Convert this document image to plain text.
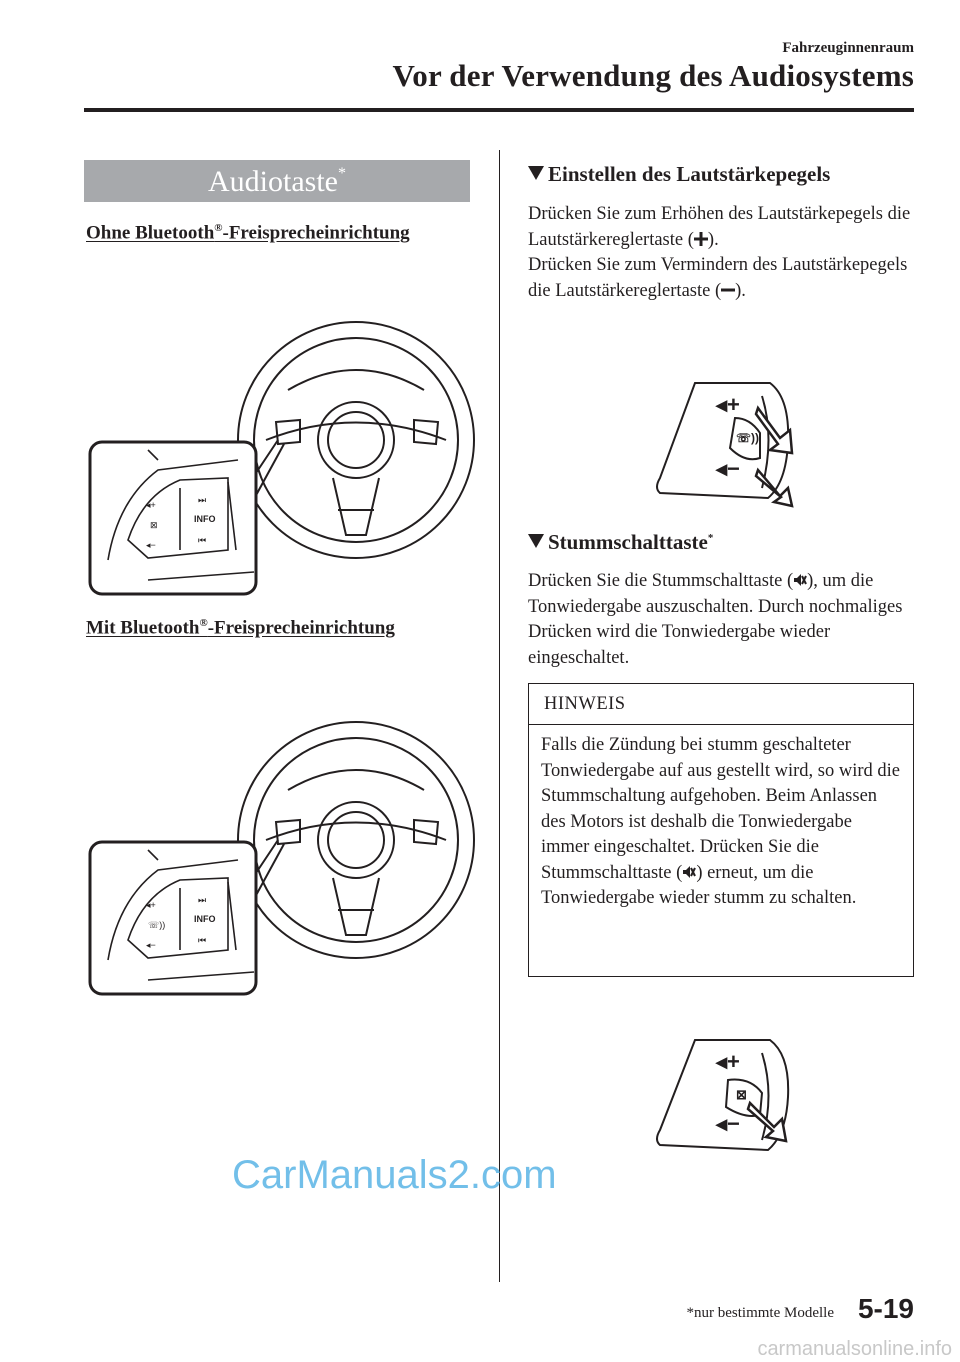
Fahrzeuginnenraum
Vor der Verwendung des Audiosystems
Audiotaste*
Ohne Bluetooth®-Freisprecheinrichtung
◂+
⊠
◂−
⏭
INFO
⏮
Mit Bluetooth®-Freisprecheinrichtung
◂+
☏))
◂−
⏭
INFO
⏮
Einstellen des Lautstärkepegels

Drücken Sie zum Erhöhen des Lautstärkepegels die Lautstärkereglertaste ( ).

Drücken Sie zum Vermindern des Lautstärkepegels die Lautstärkereglertaste ( ).

◂+
◂−
☏))
Stummschalttaste*

Drücken Sie die Stummschalttaste ( ), um die Tonwiedergabe auszuschalten. Durch nochmaliges Drücken wird die Tonwiedergabe wieder eingeschaltet.

HINWEIS
Falls die Zündung bei stumm geschalteter Tonwiedergabe auf aus gestellt wird, so wird die Stummschaltung aufgehoben. Beim Anlassen des Motors ist deshalb die Tonwiedergabe immer eingeschaltet. Drücken Sie die Stummschalttaste ( ) erneut, um die Tonwiedergabe wieder stumm zu schalten.
◂+
◂−
⊠
*nur bestimmte Modelle 5-19
CarManuals2.com
carmanualsonline.info
